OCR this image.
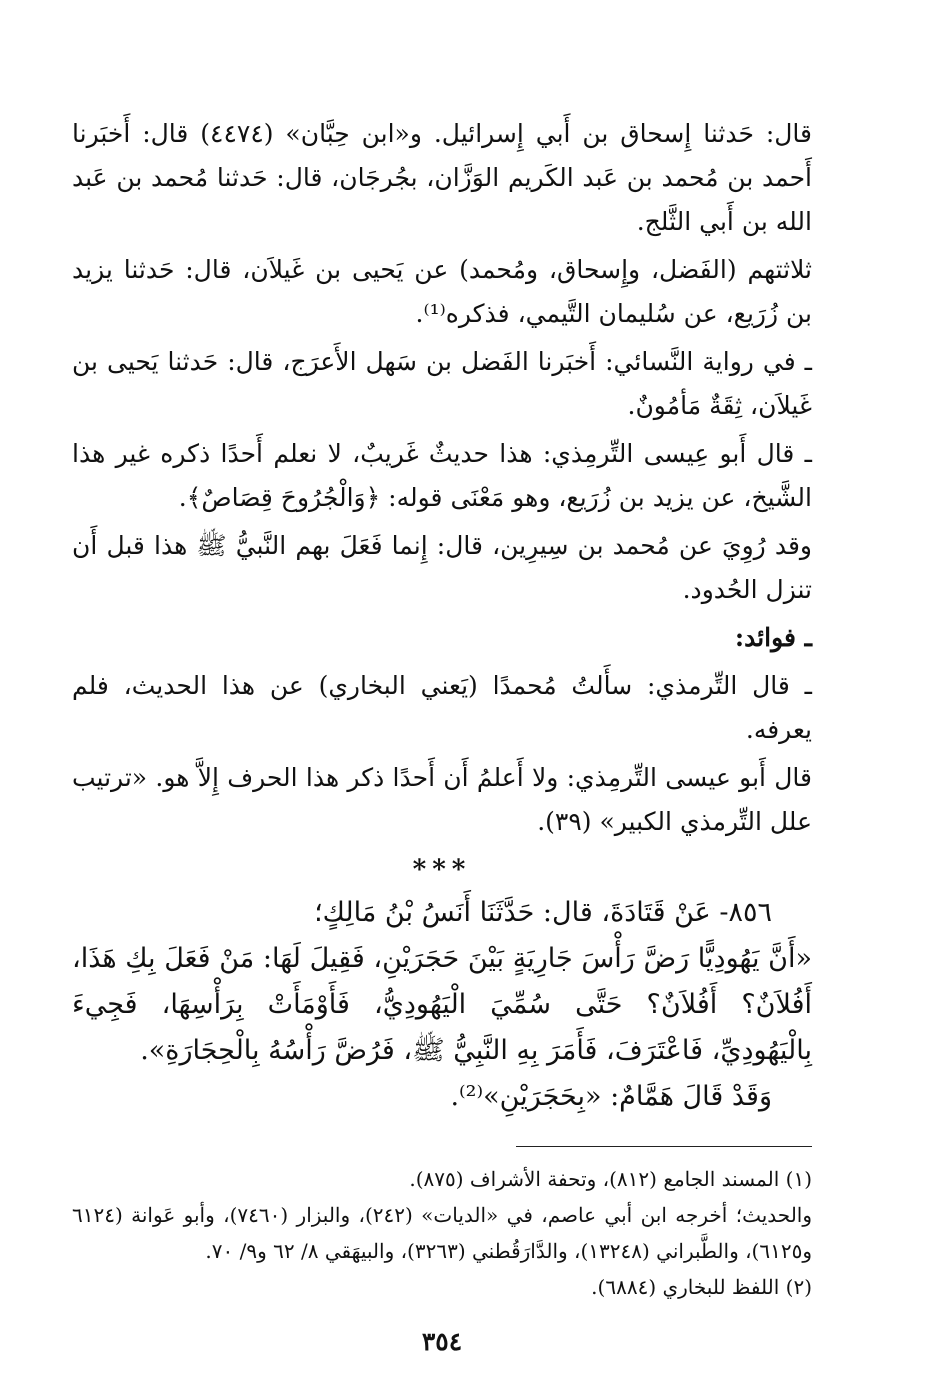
قال: حَدثنا إِسحاق بن أَبي إِسرائيل. و«ابن حِبَّان» (٤٤٧٤) قال: أَخبَرنا أَحمد بن مُحمد بن عَبد الكَريم الوَزَّان، بجُرجَان، قال: حَدثنا مُحمد بن عَبد الله بن أَبي الثَّلج.

ثلاثتهم (الفَضل، وإِسحاق، ومُحمد) عن يَحيى بن غَيلاَن، قال: حَدثنا يزيد بن زُرَيع، عن سُليمان التَّيمي، فذكره⁽¹⁾.

ـ في رواية النَّسائي: أَخبَرنا الفَضل بن سَهل الأَعرَج، قال: حَدثنا يَحيى بن غَيلاَن، ثِقَةٌ مَأمُونٌ.

ـ قال أَبو عِيسى التِّرمِذي: هذا حديثٌ غَريبٌ، لا نعلم أَحدًا ذكره غير هذا الشَّيخ، عن يزيد بن زُرَيع، وهو مَعْنَى قوله: ﴿وَالْجُرُوحَ قِصَاصٌ﴾.

وقد رُوِيَ عن مُحمد بن سِيرِين، قال: إِنما فَعَلَ بهم النَّبيُّ ﷺ هذا قبل أَن تنزل الحُدود.

ـ فوائد:

ـ قال التِّرمذي: سأَلتُ مُحمدًا (يَعني البخاري) عن هذا الحديث، فلم يعرفه.

قال أَبو عيسى التِّرمِذي: ولا أَعلمُ أَن أَحدًا ذكر هذا الحرف إِلاَّ هو. «ترتيب علل التِّرمذي الكبير» (٣٩).

***

٨٥٦- عَنْ قَتَادَةَ، قال: حَدَّثَنَا أَنَسُ بْنُ مَالِكٍ؛

«أَنَّ يَهُودِيًّا رَضَّ رَأْسَ جَارِيَةٍ بَيْنَ حَجَرَيْنِ، فَقِيلَ لَهَا: مَنْ فَعَلَ بِكِ هَذَا، أَفُلاَنٌ؟ أَفُلاَنٌ؟ حَتَّى سُمِّيَ الْيَهُودِيُّ، فَأَوْمَأَتْ بِرَأْسِهَا، فَجِيءَ بِالْيَهُودِيِّ، فَاعْتَرَفَ، فَأَمَرَ بِهِ النَّبِيُّ ﷺ، فَرُضَّ رَأْسُهُ بِالْحِجَارَةِ».

وَقَدْ قَالَ هَمَّامٌ: «بِحَجَرَيْنِ»⁽²⁾.

(١) المسند الجامع (٨١٢)، وتحفة الأشراف (٨٧٥).

والحديث؛ أخرجه ابن أبي عاصم، في «الديات» (٢٤٢)، والبزار (٧٤٦٠)، وأبو عَوانة (٦١٢٤ و٦١٢٥)، والطَّبراني (١٣٢٤٨)، والدَّارَقُطني (٣٢٦٣)، والبيهَقي ٨/ ٦٢ و٩/ ٧٠.

(٢) اللفظ للبخاري (٦٨٨٤).

٣٥٤
